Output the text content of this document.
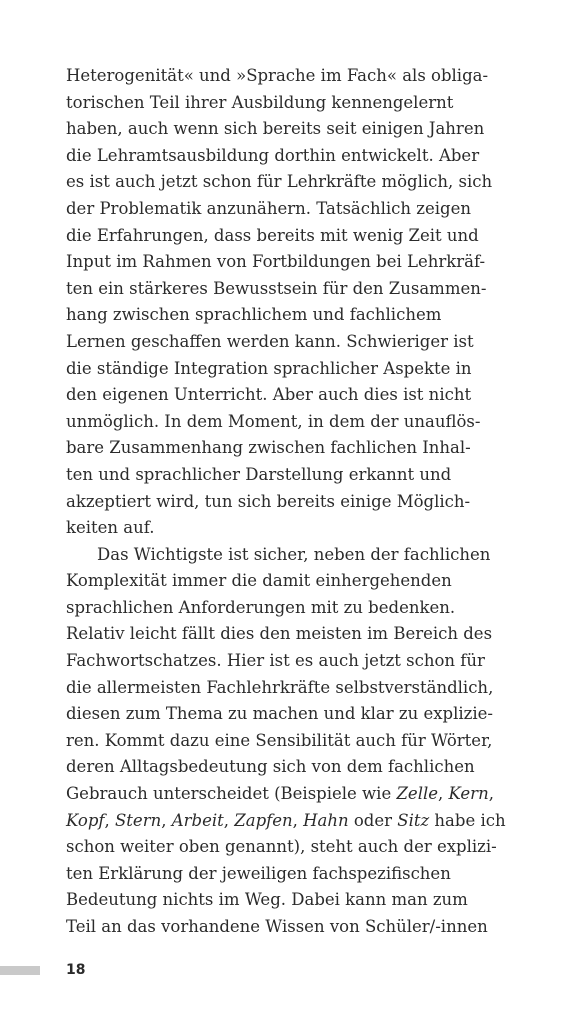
Heterogenität« und »Sprache im Fach« als obliga-
torischen Teil ihrer Ausbildung kennengelernt
haben, auch wenn sich bereits seit einigen Jahren
die Lehramtsausbildung dorthin entwickelt. Aber
es ist auch jetzt schon für Lehrkräfte möglich, sich
der Problematik anzunähern. Tatsächlich zeigen
die Erfahrungen, dass bereits mit wenig Zeit und
Input im Rahmen von Fortbildungen bei Lehrkräf-
ten ein stärkeres Bewusstsein für den Zusammen-
hang zwischen sprachlichem und fachlichem
Lernen geschaffen werden kann. Schwieriger ist
die ständige Integration sprachlicher Aspekte in
den eigenen Unterricht. Aber auch dies ist nicht
unmöglich. In dem Moment, in dem der unauflös-
bare Zusammenhang zwischen fachlichen Inhal-
ten und sprachlicher Darstellung erkannt und
akzeptiert wird, tun sich bereits einige Möglich-
keiten auf.
Das Wichtigste ist sicher, neben der fachlichen
Komplexität immer die damit einhergehenden
sprachlichen Anforderungen mit zu bedenken.
Relativ leicht fällt dies den meisten im Bereich des
Fachwortschatzes. Hier ist es auch jetzt schon für
die allermeisten Fachlehrkräfte selbstverständlich,
diesen zum Thema zu machen und klar zu explizie-
ren. Kommt dazu eine Sensibilität auch für Wörter,
deren Alltagsbedeutung sich von dem fachlichen
Gebrauch unterscheidet (Beispiele wie Zelle, Kern,
Kopf, Stern, Arbeit, Zapfen, Hahn oder Sitz habe ich
schon weiter oben genannt), steht auch der explizi-
ten Erklärung der jeweiligen fachspezifischen
Bedeutung nichts im Weg. Dabei kann man zum
Teil an das vorhandene Wissen von Schüler/-innen
18
